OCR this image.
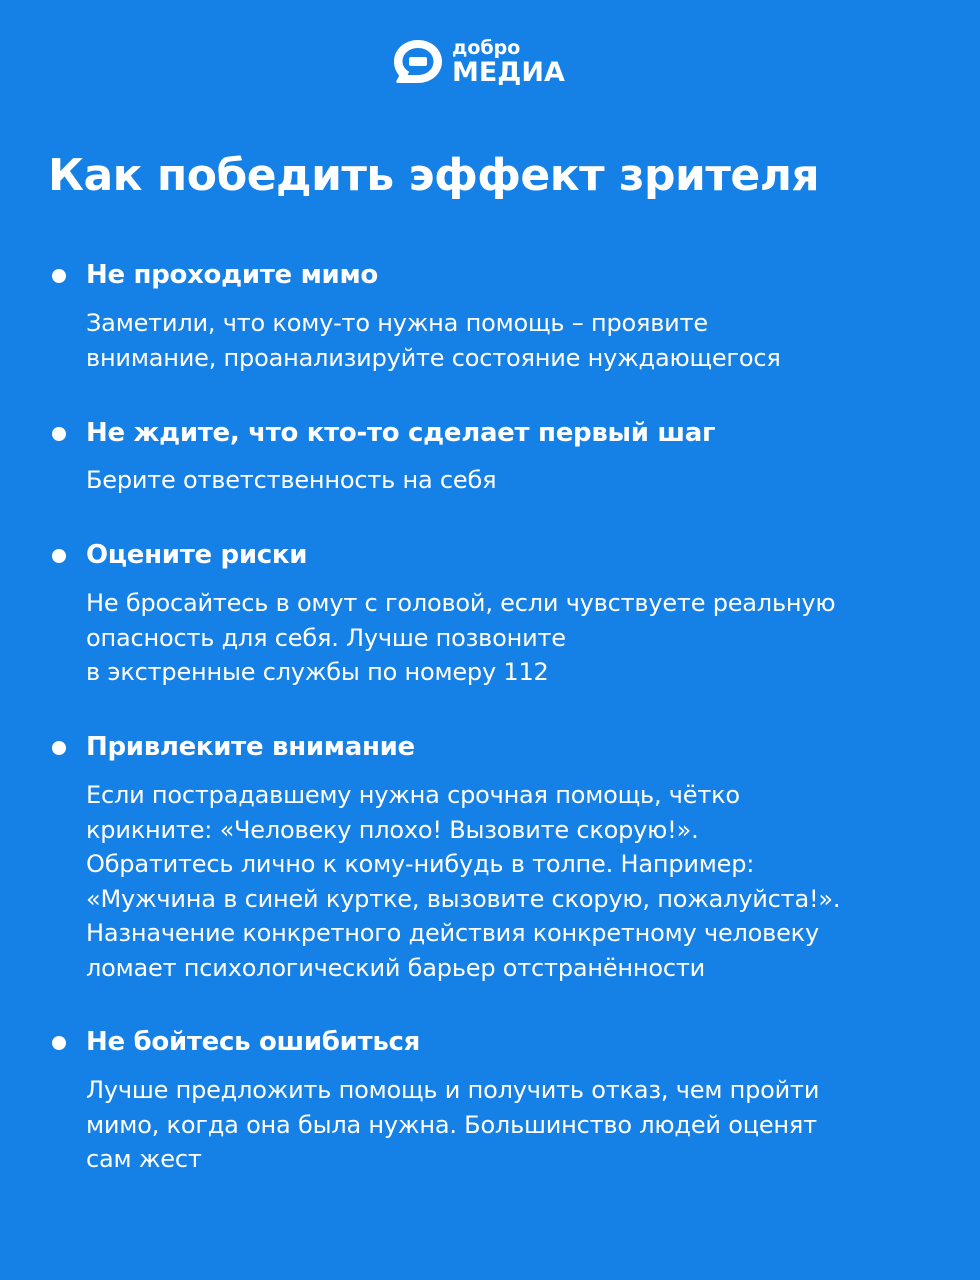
добро
МЕДИА
Как победить эффект зрителя
Не проходите мимо

Заметили, что кому-то нужна помощь – проявите
внимание, проанализируйте состояние нуждающегося

Не ждите, что кто-то сделает первый шаг

Берите ответственность на себя

Оцените риски

Не бросайтесь в омут с головой, если чувствуете реальную
опасность для себя. Лучше позвоните
в экстренные службы по номеру 112

Привлеките внимание

Если пострадавшему нужна срочная помощь, чётко
крикните: «Человеку плохо! Вызовите скорую!».
Обратитесь лично к кому-нибудь в толпе. Например:
«Мужчина в синей куртке, вызовите скорую, пожалуйста!».
Назначение конкретного действия конкретному человеку
ломает психологический барьер отстранённости

Не бойтесь ошибиться

Лучше предложить помощь и получить отказ, чем пройти
мимо, когда она была нужна. Большинство людей оценят
сам жест
